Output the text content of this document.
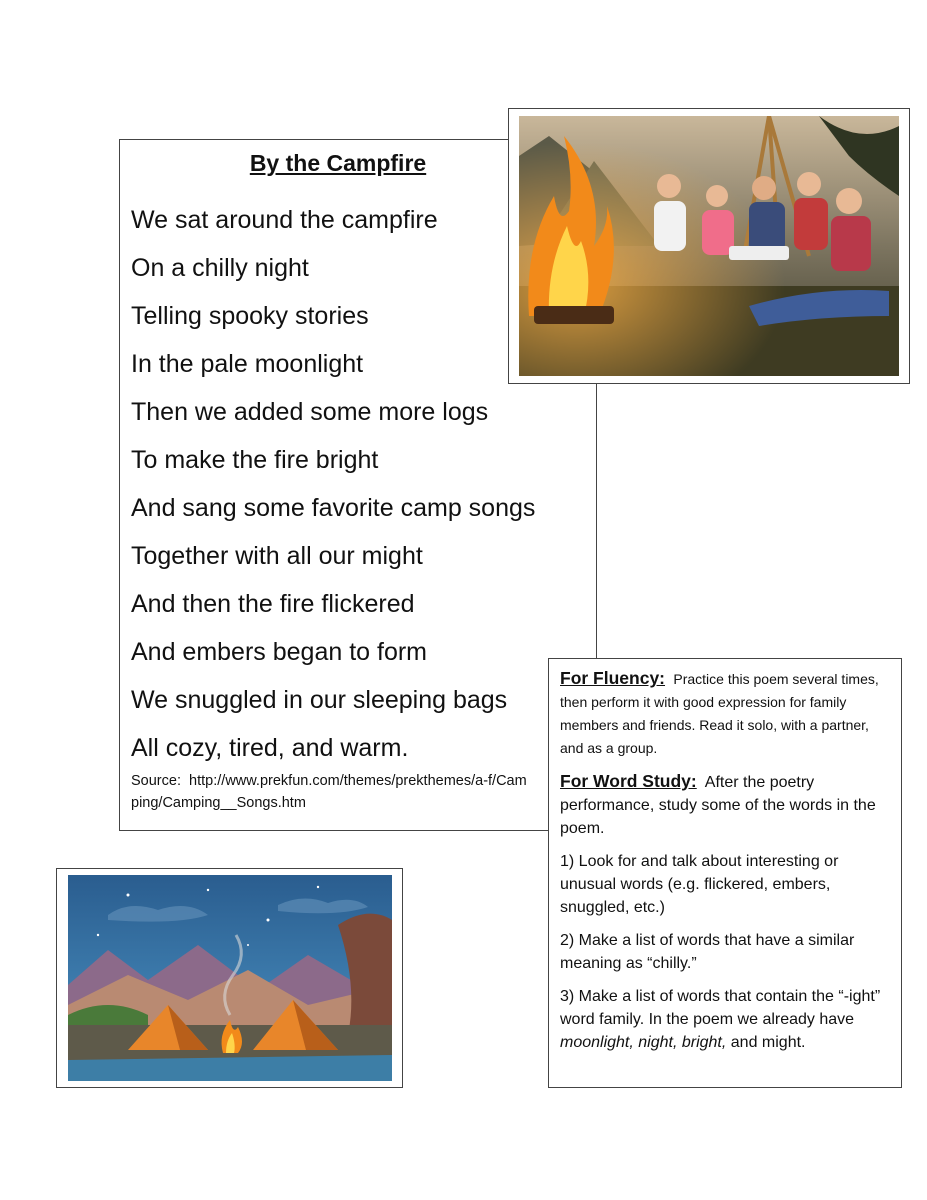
By the Campfire
We sat around the campfire
On a chilly night
Telling spooky stories
In the pale moonlight
Then we added some more logs
To make the fire bright
And sang some favorite camp songs
Together with all our might
And then the fire flickered
And embers began to form
We snuggled in our sleeping bags
All cozy, tired, and warm.
Source: http://www.prekfun.com/themes/prekthemes/a-f/Camping/Camping__Songs.htm

For Fluency: Practice this poem several times, then perform it with good expression for family members and friends. Read it solo, with a partner, and as a group.

For Word Study: After the poetry performance, study some of the words in the poem.

1) Look for and talk about interesting or unusual words (e.g. flickered, embers, snuggled, etc.)

2) Make a list of words that have a similar meaning as “chilly.”

3) Make a list of words that contain the “-ight” word family. In the poem we already have moonlight, night, bright, and might.
